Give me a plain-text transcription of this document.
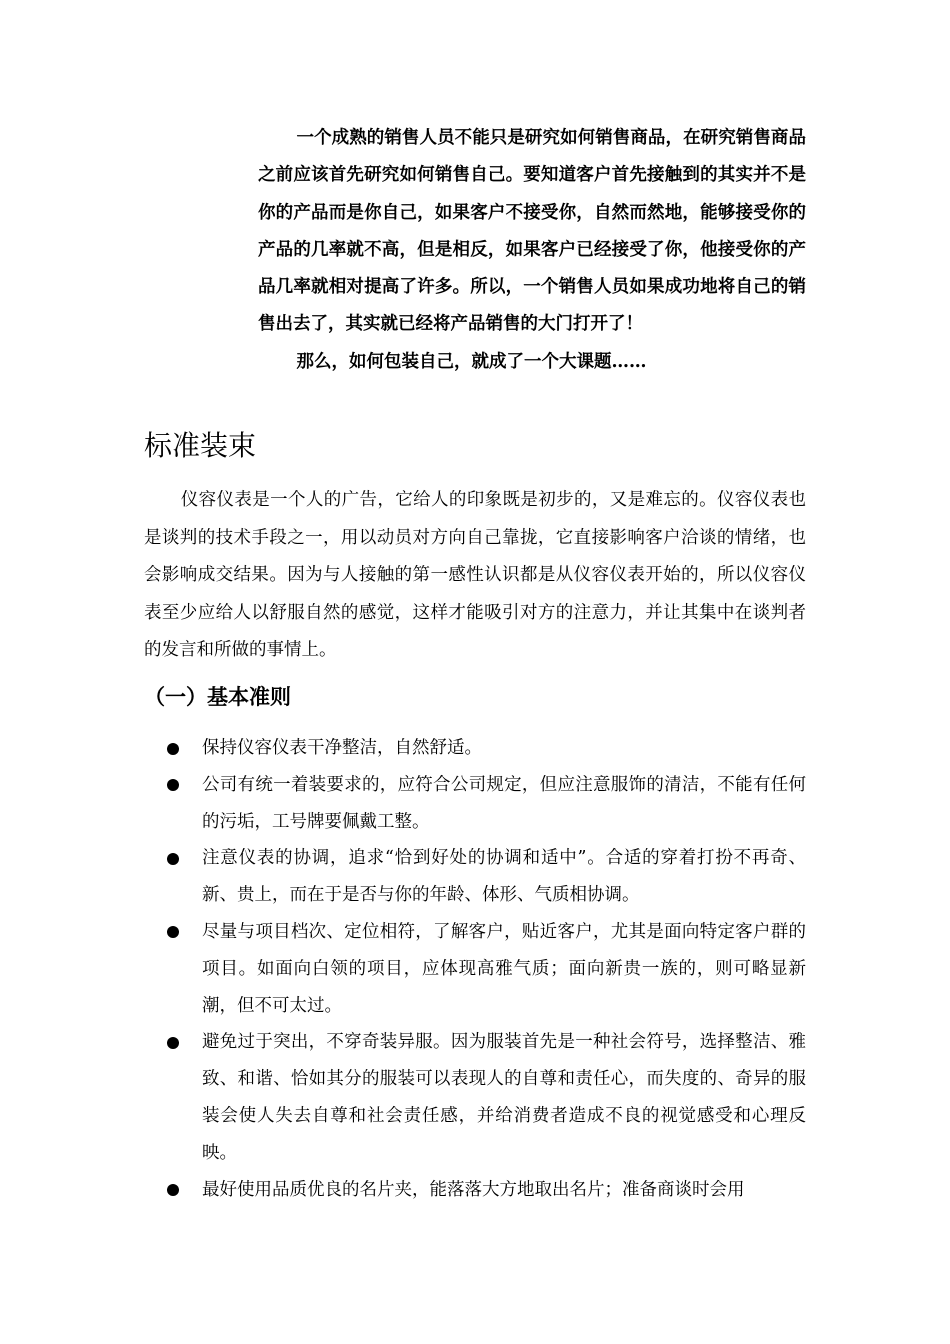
一个成熟的销售人员不能只是研究如何销售商品，在研究销售商品之前应该首先研究如何销售自己。要知道客户首先接触到的其实并不是你的产品而是你自己，如果客户不接受你，自然而然地，能够接受你的产品的几率就不高，但是相反，如果客户已经接受了你，他接受你的产品几率就相对提高了许多。所以，一个销售人员如果成功地将自己的销售出去了，其实就已经将产品销售的大门打开了！

那么，如何包装自己，就成了一个大课题……

标准装束

仪容仪表是一个人的广告，它给人的印象既是初步的，又是难忘的。仪容仪表也是谈判的技术手段之一，用以动员对方向自己靠拢，它直接影响客户洽谈的情绪，也会影响成交结果。因为与人接触的第一感性认识都是从仪容仪表开始的，所以仪容仪表至少应给人以舒服自然的感觉，这样才能吸引对方的注意力，并让其集中在谈判者的发言和所做的事情上。

（一）基本准则
保持仪容仪表干净整洁，自然舒适。
公司有统一着装要求的，应符合公司规定，但应注意服饰的清洁，不能有任何的污垢，工号牌要佩戴工整。
注意仪表的协调，追求“恰到好处的协调和适中”。合适的穿着打扮不再奇、新、贵上，而在于是否与你的年龄、体形、气质相协调。
尽量与项目档次、定位相符，了解客户，贴近客户，尤其是面向特定客户群的项目。如面向白领的项目，应体现高雅气质；面向新贵一族的，则可略显新潮，但不可太过。
避免过于突出，不穿奇装异服。因为服装首先是一种社会符号，选择整洁、雅致、和谐、恰如其分的服装可以表现人的自尊和责任心，而失度的、奇异的服装会使人失去自尊和社会责任感，并给消费者造成不良的视觉感受和心理反映。
最好使用品质优良的名片夹，能落落大方地取出名片；准备商谈时会用
